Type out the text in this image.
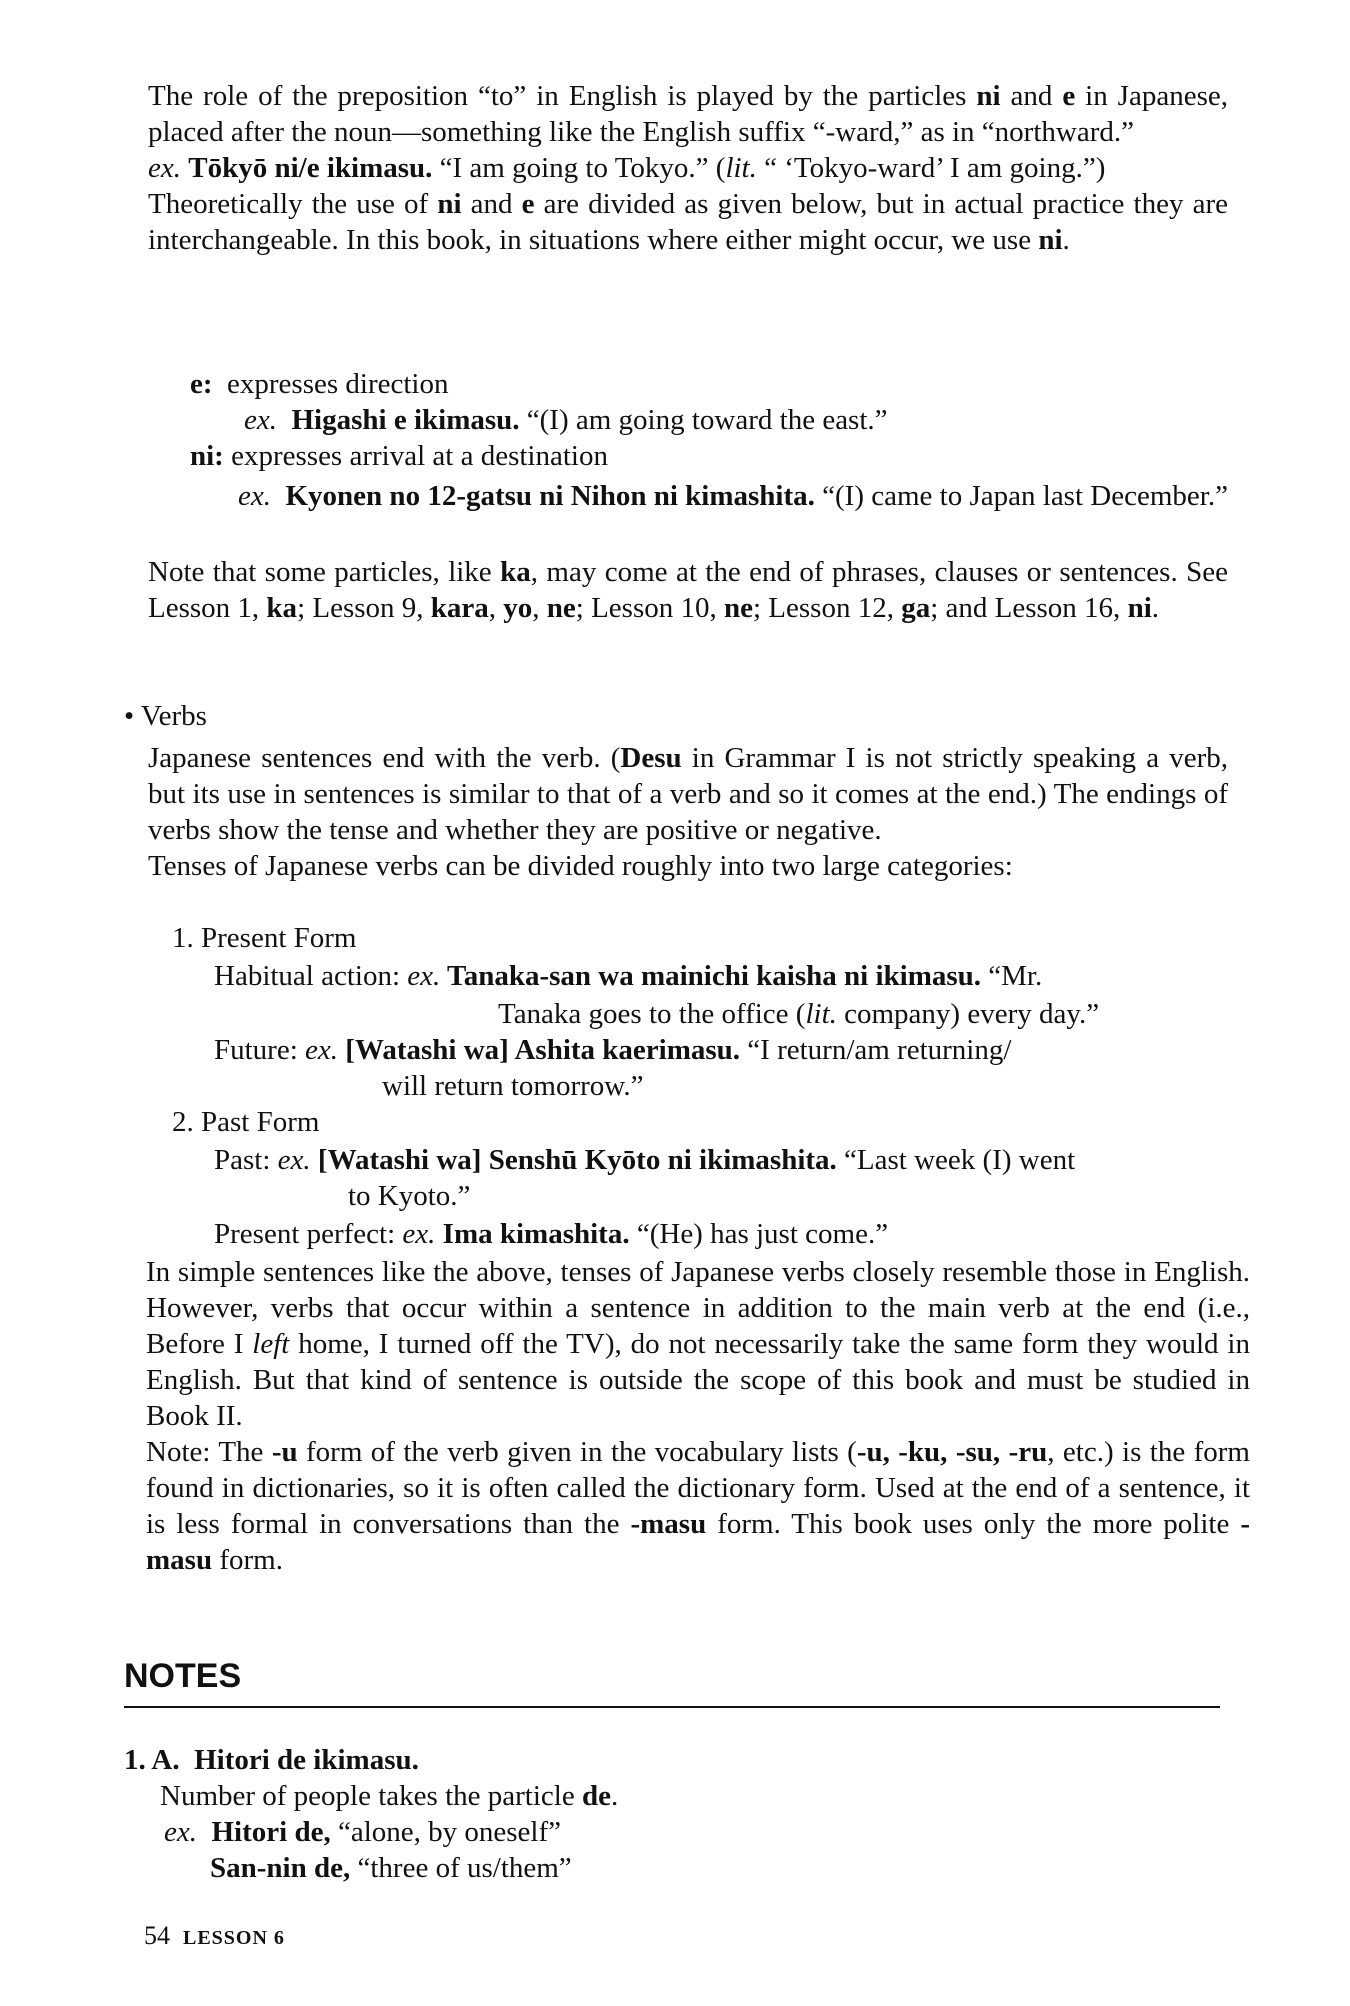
The role of the preposition “to” in English is played by the particles ni and e in Japanese, placed after the noun—something like the English suffix “-ward,” as in “northward.”

ex. Tōkyō ni/e ikimasu. “I am going to Tokyo.” (lit. “ ‘Tokyo-ward’ I am going.”)

Theoretically the use of ni and e are divided as given below, but in actual practice they are interchangeable. In this book, in situations where either might occur, we use ni.

e: expresses direction
ex. Higashi e ikimasu. “(I) am going toward the east.”
ni: expresses arrival at a destination

ex. Kyonen no 12-gatsu ni Nihon ni kimashita. “(I) came to Japan last December.”

Note that some particles, like ka, may come at the end of phrases, clauses or sentences. See Lesson 1, ka; Lesson 9, kara, yo, ne; Lesson 10, ne; Lesson 12, ga; and Lesson 16, ni.

• Verbs

Japanese sentences end with the verb. (Desu in Grammar I is not strictly speaking a verb, but its use in sentences is similar to that of a verb and so it comes at the end.) The endings of verbs show the tense and whether they are positive or negative.

Tenses of Japanese verbs can be divided roughly into two large categories:

1. Present Form
Habitual action: ex. Tanaka-san wa mainichi kaisha ni ikimasu. “Mr.
Tanaka goes to the office (lit. company) every day.”
Future: ex. [Watashi wa] Ashita kaerimasu. “I return/am returning/
will return tomorrow.”
2. Past Form
Past: ex. [Watashi wa] Senshū Kyōto ni ikimashita. “Last week (I) went
to Kyoto.”
Present perfect: ex. Ima kimashita. “(He) has just come.”

In simple sentences like the above, tenses of Japanese verbs closely resemble those in English. However, verbs that occur within a sentence in addition to the main verb at the end (i.e., Before I left home, I turned off the TV), do not necessarily take the same form they would in English. But that kind of sentence is outside the scope of this book and must be studied in Book II.

Note: The -u form of the verb given in the vocabulary lists (-u, -ku, -su, -ru, etc.) is the form found in dictionaries, so it is often called the dictionary form. Used at the end of a sentence, it is less formal in conversations than the -masu form. This book uses only the more polite -masu form.

NOTES
1. A. Hitori de ikimasu.
Number of people takes the particle de.
ex. Hitori de, “alone, by oneself”
San-nin de, “three of us/them”
54 LESSON 6
